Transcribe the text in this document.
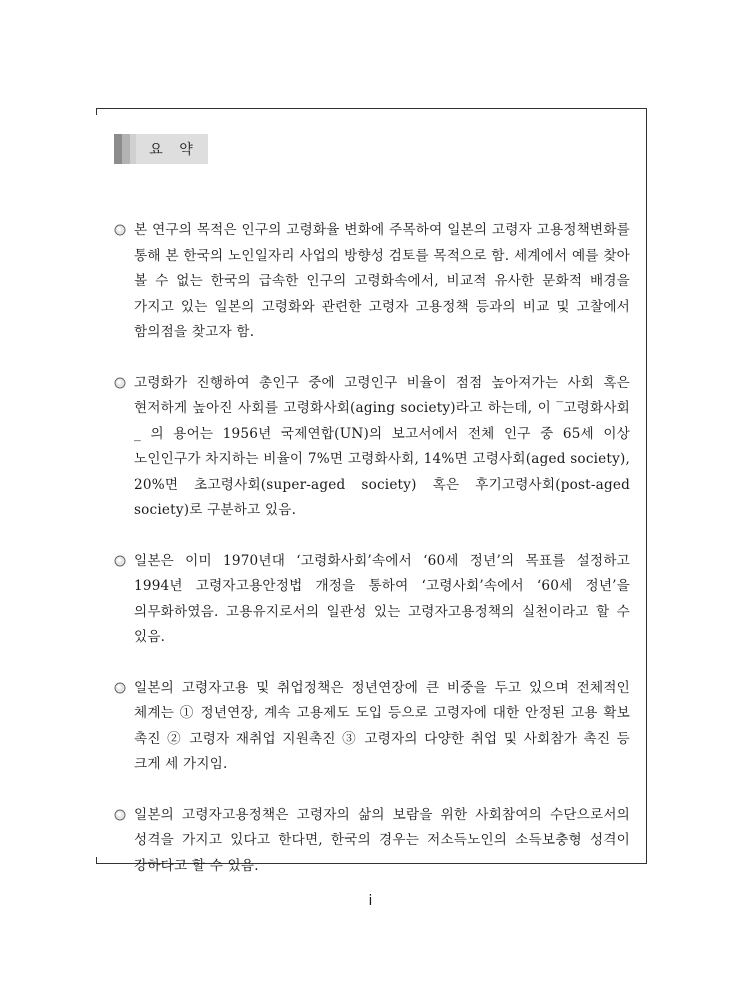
요 약
본 연구의 목적은 인구의 고령화율 변화에 주목하여 일본의 고령자 고용정책변화를 통해 본 한국의 노인일자리 사업의 방향성 검토를 목적으로 함. 세계에서 예를 찾아 볼 수 없는 한국의 급속한 인구의 고령화속에서, 비교적 유사한 문화적 배경을 가지고 있는 일본의 고령화와 관련한 고령자 고용정책 등과의 비교 및 고찰에서 함의점을 찾고자 함.
고령화가 진행하여 총인구 중에 고령인구 비율이 점점 높아져가는 사회 혹은 현저하게 높아진 사회를 고령화사회(aging society)라고 하는데, 이 ‾고령화사회_ 의 용어는 1956년 국제연합(UN)의 보고서에서 전체 인구 중 65세 이상 노인인구가 차지하는 비율이 7%면 고령화사회, 14%면 고령사회(aged society), 20%면 초고령사회(super-aged society) 혹은 후기고령사회(post-aged society)로 구분하고 있음.
일본은 이미 1970년대 ‘고령화사회’속에서 ‘60세 정년’의 목표를 설정하고 1994년 고령자고용안정법 개정을 통하여 ‘고령사회’속에서 ‘60세 정년’을 의무화하였음. 고용유지로서의 일관성 있는 고령자고용정책의 실천이라고 할 수 있음.
일본의 고령자고용 및 취업정책은 정년연장에 큰 비중을 두고 있으며 전체적인 체계는 ① 정년연장, 계속 고용제도 도입 등으로 고령자에 대한 안정된 고용 확보 촉진 ② 고령자 재취업 지원촉진 ③ 고령자의 다양한 취업 및 사회참가 촉진 등 크게 세 가지임.
일본의 고령자고용정책은 고령자의 삶의 보람을 위한 사회참여의 수단으로서의 성격을 가지고 있다고 한다면, 한국의 경우는 저소득노인의 소득보충형 성격이 강하다고 할 수 있음.
i
